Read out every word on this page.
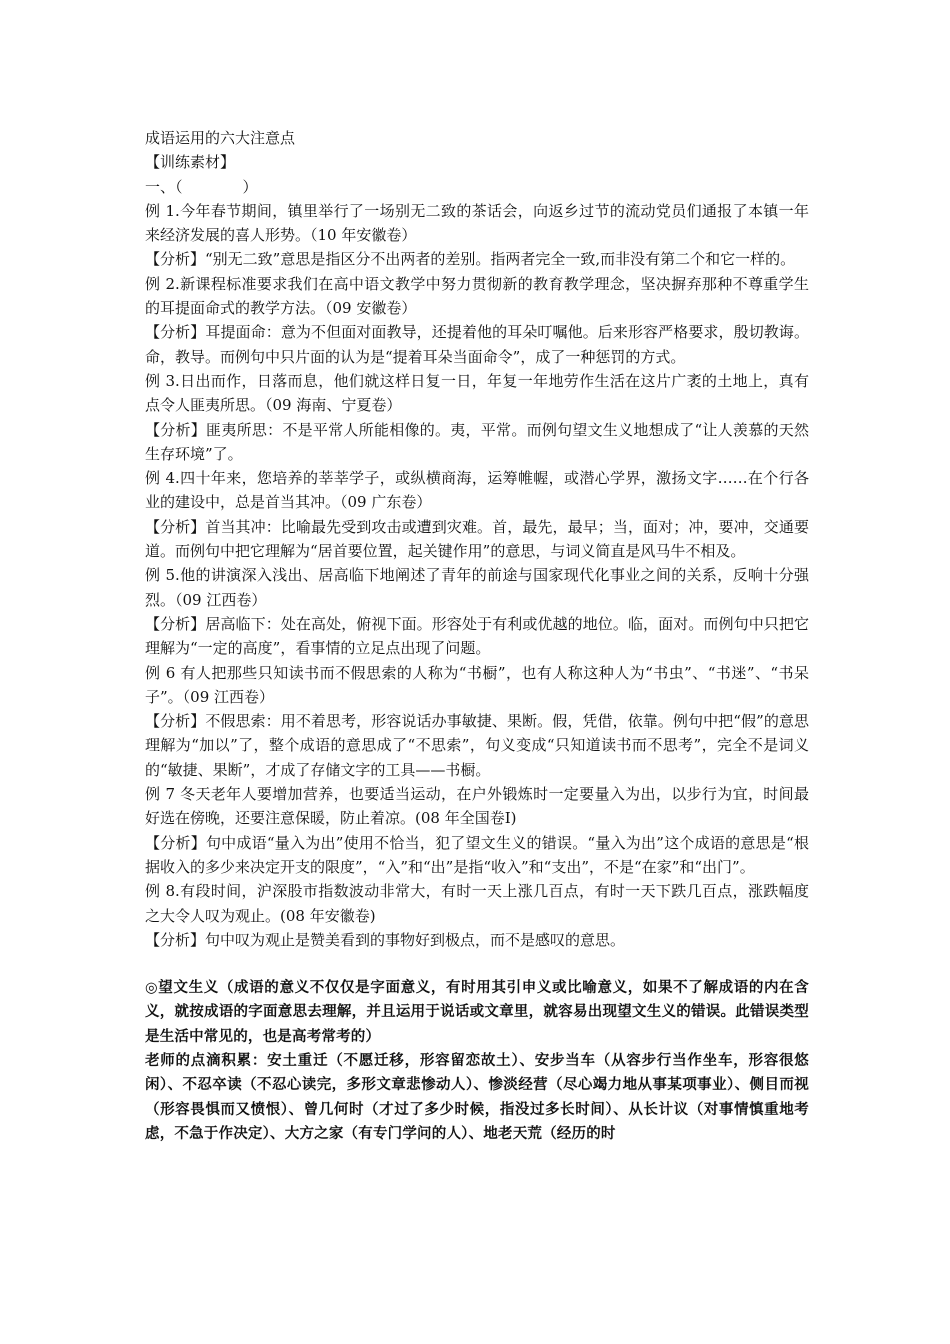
成语运用的六大注意点

【训练素材】

一、（　　　　）

例 1.今年春节期间，镇里举行了一场别无二致的茶话会，向返乡过节的流动党员们通报了本镇一年来经济发展的喜人形势。（10 年安徽卷）

【分析】“别无二致”意思是指区分不出两者的差别。指两者完全一致,而非没有第二个和它一样的。

例 2.新课程标准要求我们在高中语文教学中努力贯彻新的教育教学理念，坚决摒弃那种不尊重学生的耳提面命式的教学方法。（09 安徽卷）

【分析】耳提面命：意为不但面对面教导，还提着他的耳朵叮嘱他。后来形容严格要求，殷切教诲。命，教导。而例句中只片面的认为是“提着耳朵当面命令”，成了一种惩罚的方式。

例 3.日出而作，日落而息，他们就这样日复一日，年复一年地劳作生活在这片广袤的土地上，真有点令人匪夷所思。（09 海南、宁夏卷）

【分析】匪夷所思：不是平常人所能相像的。夷，平常。而例句望文生义地想成了“让人羡慕的天然生存环境”了。

例 4.四十年来，您培养的莘莘学子，或纵横商海，运筹帷幄，或潜心学界，激扬文字……在个行各业的建设中，总是首当其冲。（09 广东卷）

【分析】首当其冲：比喻最先受到攻击或遭到灾难。首，最先，最早；当，面对；冲，要冲，交通要道。而例句中把它理解为“居首要位置，起关键作用”的意思，与词义简直是风马牛不相及。

例 5.他的讲演深入浅出、居高临下地阐述了青年的前途与国家现代化事业之间的关系，反响十分强烈。（09 江西卷）

【分析】居高临下：处在高处，俯视下面。形容处于有利或优越的地位。临，面对。而例句中只把它理解为“一定的高度”，看事情的立足点出现了问题。

例 6 有人把那些只知读书而不假思索的人称为“书橱”，也有人称这种人为“书虫”、“书迷”、“书呆子”。（09 江西卷）

【分析】不假思索：用不着思考，形容说话办事敏捷、果断。假，凭借，依靠。例句中把“假”的意思理解为“加以”了，整个成语的意思成了“不思索”，句义变成“只知道读书而不思考”，完全不是词义的“敏捷、果断”，才成了存储文字的工具——书橱。

例 7 冬天老年人要增加营养，也要适当运动，在户外锻炼时一定要量入为出，以步行为宜，时间最好选在傍晚，还要注意保暖，防止着凉。(08 年全国卷Ⅰ)

【分析】句中成语“量入为出”使用不恰当，犯了望文生义的错误。“量入为出”这个成语的意思是“根据收入的多少来决定开支的限度”，“入”和“出”是指“收入”和“支出”，不是“在家”和“出门”。

例 8.有段时间，沪深股市指数波动非常大，有时一天上涨几百点，有时一天下跌几百点，涨跌幅度之大令人叹为观止。(08 年安徽卷)

【分析】句中叹为观止是赞美看到的事物好到极点，而不是感叹的意思。

◎望文生义（成语的意义不仅仅是字面意义，有时用其引申义或比喻意义，如果不了解成语的内在含义，就按成语的字面意思去理解，并且运用于说话或文章里，就容易出现望文生义的错误。此错误类型是生活中常见的，也是高考常考的）

老师的点滴积累：安土重迁（不愿迁移，形容留恋故土）、安步当车（从容步行当作坐车，形容很悠闲）、不忍卒读（不忍心读完，多形文章悲惨动人）、惨淡经营（尽心竭力地从事某项事业）、侧目而视（形容畏惧而又愤恨）、曾几何时（才过了多少时候，指没过多长时间）、从长计议（对事情慎重地考虑，不急于作决定）、大方之家（有专门学问的人）、地老天荒（经历的时
